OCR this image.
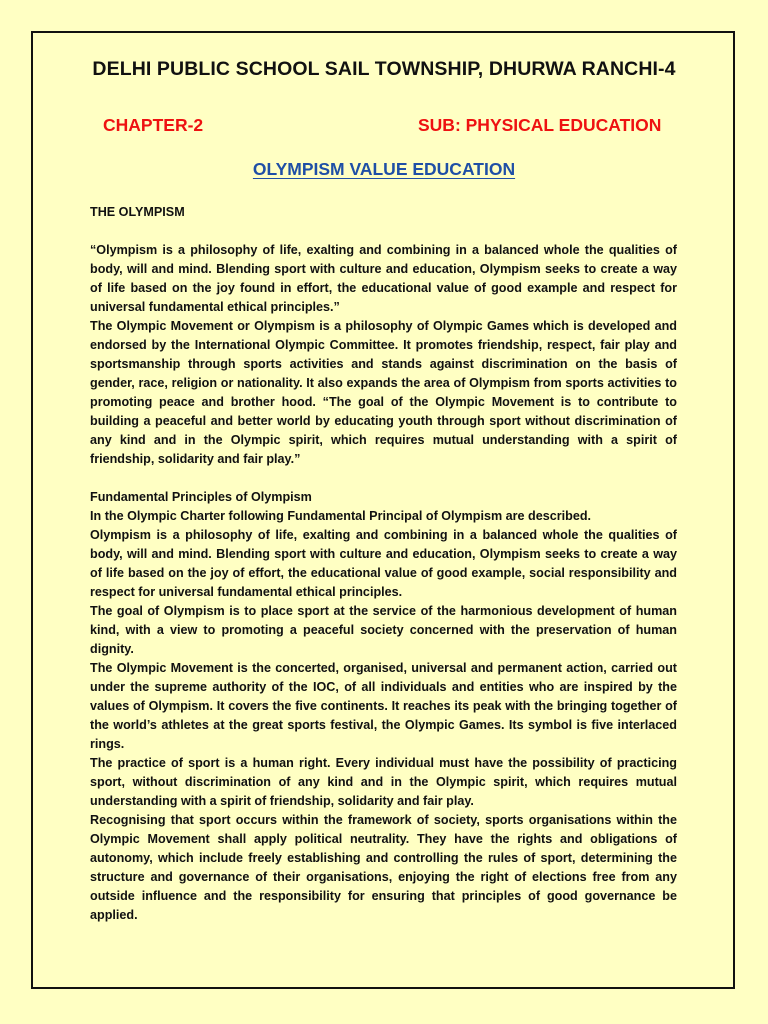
DELHI PUBLIC SCHOOL SAIL TOWNSHIP, DHURWA RANCHI-4
CHAPTER-2	SUB: PHYSICAL EDUCATION
OLYMPISM VALUE EDUCATION

THE OLYMPISM

“Olympism is a philosophy of life, exalting and combining in a balanced whole the qualities of body, will and mind. Blending sport with culture and education, Olympism seeks to create a way of life based on the joy found in effort, the educational value of good example and respect for universal fundamental ethical principles.”

The Olympic Movement or Olympism is a philosophy of Olympic Games which is developed and endorsed by the International Olympic Committee. It promotes friendship, respect, fair play and sportsmanship through sports activities and stands against discrimination on the basis of gender, race, religion or nationality. It also expands the area of Olympism from sports activities to promoting peace and brother hood. “The goal of the Olympic Movement is to contribute to building a peaceful and better world by educating youth through sport without discrimination of any kind and in the Olympic spirit, which requires mutual understanding with a spirit of friendship, solidarity and fair play.”

Fundamental Principles of Olympism

In the Olympic Charter following Fundamental Principal of Olympism are described.

Olympism is a philosophy of life, exalting and combining in a balanced whole the qualities of body, will and mind. Blending sport with culture and education, Olympism seeks to create a way of life based on the joy of effort, the educational value of good example, social responsibility and respect for universal fundamental ethical principles.

The goal of Olympism is to place sport at the service of the harmonious development of human kind, with a view to promoting a peaceful society concerned with the preservation of human dignity.

The Olympic Movement is the concerted, organised, universal and permanent action, carried out under the supreme authority of the IOC, of all individuals and entities who are inspired by the values of Olympism. It covers the five continents. It reaches its peak with the bringing together of the world’s athletes at the great sports festival, the Olympic Games. Its symbol is five interlaced rings.

The practice of sport is a human right. Every individual must have the possibility of practicing sport, without discrimination of any kind and in the Olympic spirit, which requires mutual understanding with a spirit of friendship, solidarity and fair play.

Recognising that sport occurs within the framework of society, sports organisations within the Olympic Movement shall apply political neutrality. They have the rights and obligations of autonomy, which include freely establishing and controlling the rules of sport, determining the structure and governance of their organisations, enjoying the right of elections free from any outside influence and the responsibility for ensuring that principles of good governance be applied.
